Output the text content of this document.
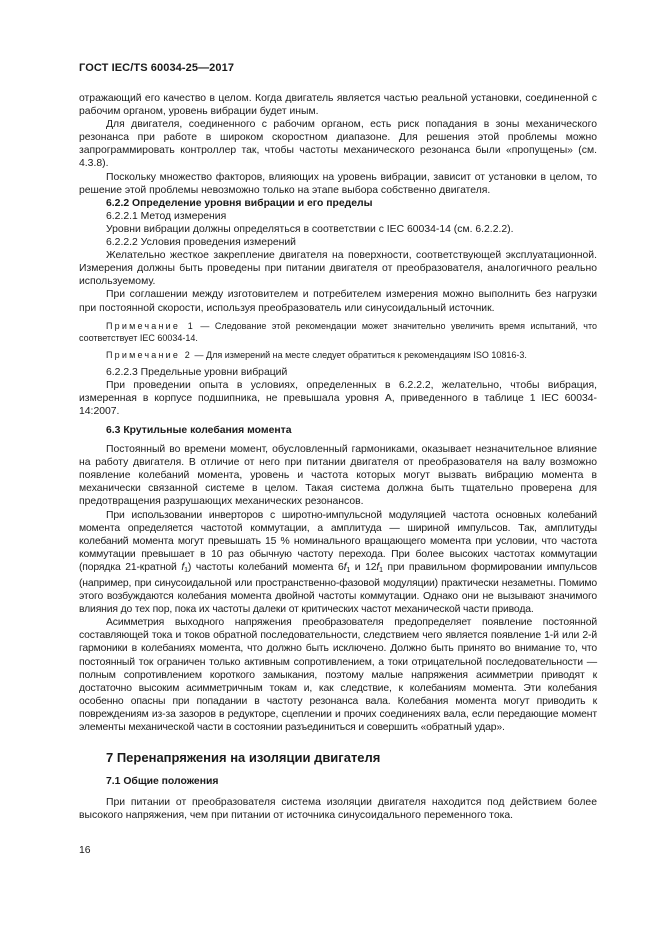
ГОСТ IEC/TS 60034-25—2017

отражающий его качество в целом. Когда двигатель является частью реальной установки, соединенной с рабочим органом, уровень вибрации будет иным.

Для двигателя, соединенного с рабочим органом, есть риск попадания в зоны механического резонанса при работе в широком скоростном диапазоне. Для решения этой проблемы можно запрограммировать контроллер так, чтобы частоты механического резонанса были «пропущены» (см. 4.3.8).

Поскольку множество факторов, влияющих на уровень вибрации, зависит от установки в целом, то решение этой проблемы невозможно только на этапе выбора собственно двигателя.

6.2.2 Определение уровня вибрации и его пределы

6.2.2.1 Метод измерения

Уровни вибрации должны определяться в соответствии с IEC 60034-14 (см. 6.2.2.2).

6.2.2.2 Условия проведения измерений

Желательно жесткое закрепление двигателя на поверхности, соответствующей эксплуатационной. Измерения должны быть проведены при питании двигателя от преобразователя, аналогичного реально используемому.

При соглашении между изготовителем и потребителем измерения можно выполнить без нагрузки при постоянной скорости, используя преобразователь или синусоидальный источник.

Примечание 1 — Следование этой рекомендации может значительно увеличить время испытаний, что соответствует IEC 60034-14.

Примечание 2 — Для измерений на месте следует обратиться к рекомендациям ISO 10816-3.

6.2.2.3 Предельные уровни вибраций

При проведении опыта в условиях, определенных в 6.2.2.2, желательно, чтобы вибрация, измеренная в корпусе подшипника, не превышала уровня А, приведенного в таблице 1 IEC 60034-14:2007.

6.3 Крутильные колебания момента

Постоянный во времени момент, обусловленный гармониками, оказывает незначительное влияние на работу двигателя. В отличие от него при питании двигателя от преобразователя на валу возможно появление колебаний момента, уровень и частота которых могут вызвать вибрацию момента в механически связанной системе в целом. Такая система должна быть тщательно проверена для предотвращения разрушающих механических резонансов.

При использовании инверторов с широтно-импульсной модуляцией частота основных колебаний момента определяется частотой коммутации, а амплитуда — шириной импульсов. Так, амплитуды колебаний момента могут превышать 15 % номинального вращающего момента при условии, что частота коммутации превышает в 10 раз обычную частоту перехода. При более высоких частотах коммутации (порядка 21-кратной $f_1$) частоты колебаний момента $6f_1$ и $12f_1$ при правильном формировании импульсов (например, при синусоидальной или пространственно-фазовой модуляции) практически незаметны. Помимо этого возбуждаются колебания момента двойной частоты коммутации. Однако они не вызывают значимого влияния до тех пор, пока их частоты далеки от критических частот механической части привода.

Асимметрия выходного напряжения преобразователя предопределяет появление постоянной составляющей тока и токов обратной последовательности, следствием чего является появление 1-й или 2-й гармоники в колебаниях момента, что должно быть исключено. Должно быть принято во внимание то, что постоянный ток ограничен только активным сопротивлением, а токи отрицательной последовательности — полным сопротивлением короткого замыкания, поэтому малые напряжения асимметрии приводят к достаточно высоким асимметричным токам и, как следствие, к колебаниям момента. Эти колебания особенно опасны при попадании в частоту резонанса вала. Колебания момента могут приводить к повреждениям из-за зазоров в редукторе, сцеплении и прочих соединениях вала, если передающие момент элементы механической части в состоянии разъединиться и совершить «обратный удар».

7 Перенапряжения на изоляции двигателя

7.1 Общие положения

При питании от преобразователя система изоляции двигателя находится под действием более высокого напряжения, чем при питании от источника синусоидального переменного тока.

16
